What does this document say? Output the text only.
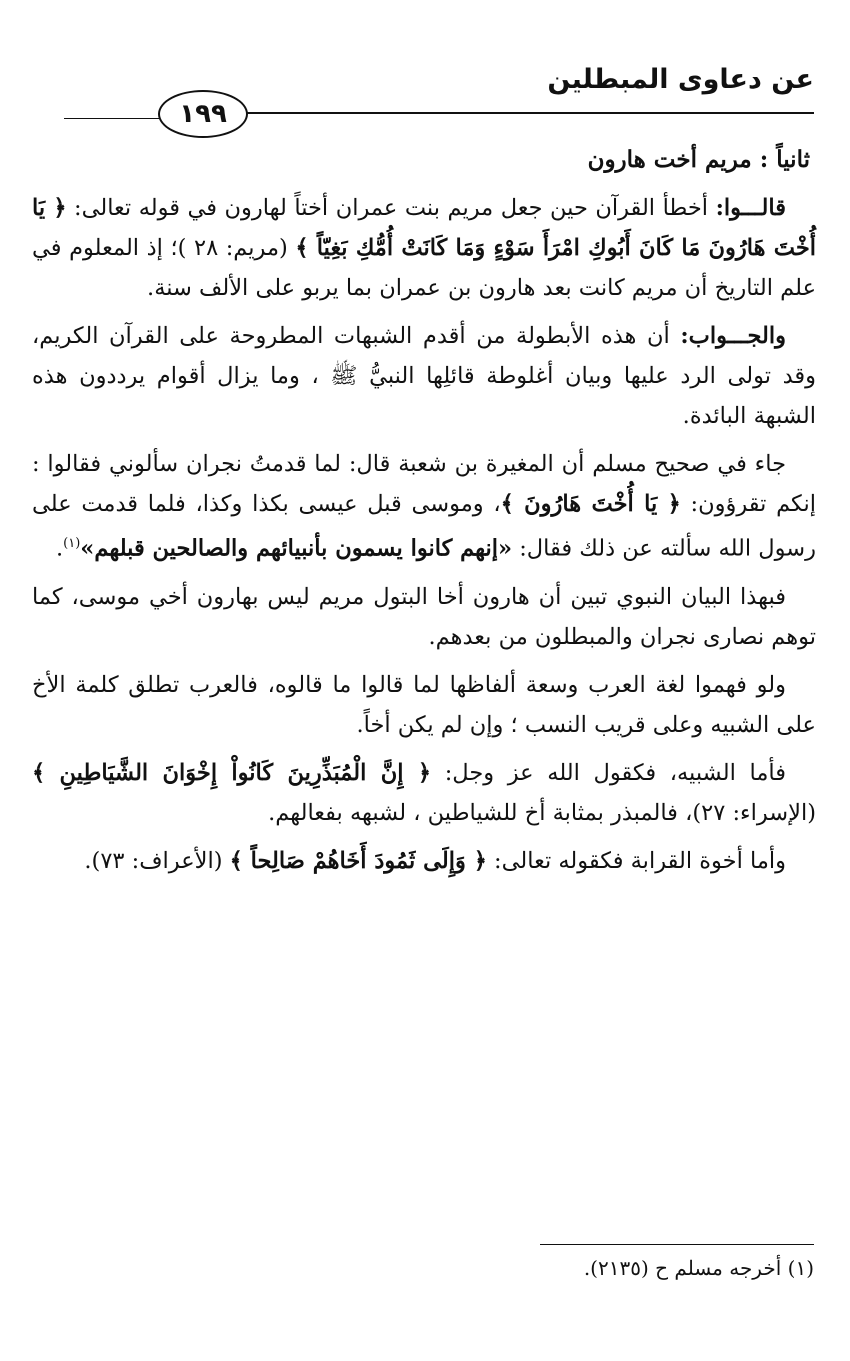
عن دعاوى المبطلين
١٩٩

ثانياً : مريم أخت هارون

قالـــوا: أخطأ القرآن حين جعل مريم بنت عمران أختاً لهارون في قوله تعالى: ﴿ يَا أُخْتَ هَارُونَ مَا كَانَ أَبُوكِ امْرَأَ سَوْءٍ وَمَا كَانَتْ أُمُّكِ بَغِيّاً ﴾ (مريم: ٢٨ )؛ إذ المعلوم في علم التاريخ أن مريم كانت بعد هارون بن عمران بما يربو على الألف سنة.

والجـــواب: أن هذه الأبطولة من أقدم الشبهات المطروحة على القرآن الكريم، وقد تولى الرد عليها وبيان أغلوطة قائلِها النبيُّ ﷺ ، وما يزال أقوام يرددون هذه الشبهة البائدة.

جاء في صحيح مسلم أن المغيرة بن شعبة قال: لما قدمتُ نجران سألوني فقالوا : إنكم تقرؤون: ﴿ يَا أُخْتَ هَارُونَ ﴾، وموسى قبل عيسى بكذا وكذا، فلما قدمت على رسول الله سألته عن ذلك فقال: «إنهم كانوا يسمون بأنبيائهم والصالحين قبلهم»$^{(١)}$.

فبهذا البيان النبوي تبين أن هارون أخا البتول مريم ليس بهارون أخي موسى، كما توهم نصارى نجران والمبطلون من بعدهم.

ولو فهموا لغة العرب وسعة ألفاظها لما قالوا ما قالوه، فالعرب تطلق كلمة الأخ على الشبيه وعلى قريب النسب ؛ وإن لم يكن أخاً.

فأما الشبيه، فكقول الله عز وجل: ﴿ إِنَّ الْمُبَذِّرِينَ كَانُواْ إِخْوَانَ الشَّيَاطِينِ ﴾ (الإسراء: ٢٧)، فالمبذر بمثابة أخ للشياطين ، لشبهه بفعالهم.

وأما أخوة القرابة فكقوله تعالى: ﴿ وَإِلَى ثَمُودَ أَخَاهُمْ صَالِحاً ﴾ (الأعراف: ٧٣).

(١) أخرجه مسلم ح (٢١٣٥).
